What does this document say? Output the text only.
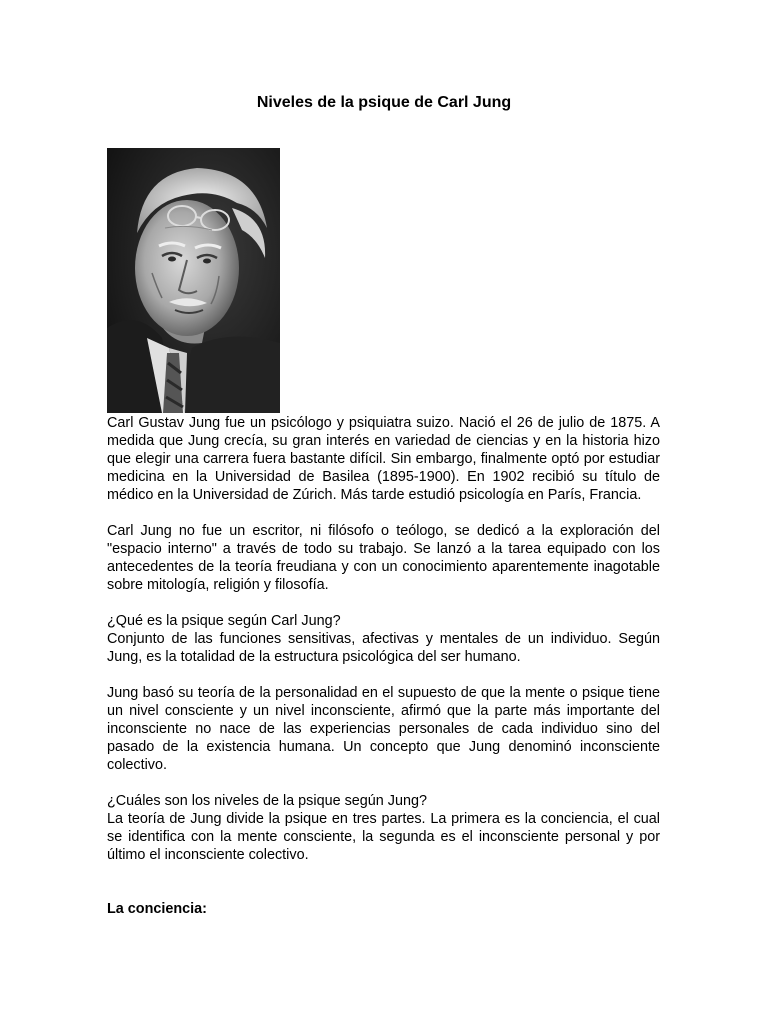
Niveles de la psique de Carl Jung

Carl Gustav Jung fue un psicólogo y psiquiatra suizo. Nació el 26 de julio de 1875. A medida que Jung crecía, su gran interés en variedad de ciencias y en la historia hizo que elegir una carrera fuera bastante difícil. Sin embargo, finalmente optó por estudiar medicina en la Universidad de Basilea (1895-1900). En 1902 recibió su título de médico en la Universidad de Zúrich. Más tarde estudió psicología en París, Francia.

Carl Jung no fue un escritor, ni filósofo o teólogo, se dedicó a la exploración del "espacio interno" a través de todo su trabajo. Se lanzó a la tarea equipado con los antecedentes de la teoría freudiana y con un conocimiento aparentemente inagotable sobre mitología, religión y filosofía.

¿Qué es la psique según Carl Jung?
Conjunto de las funciones sensitivas, afectivas y mentales de un individuo. Según Jung, es la totalidad de la estructura psicológica del ser humano.

Jung basó su teoría de la personalidad en el supuesto de que la mente o psique tiene un nivel consciente y un nivel inconsciente, afirmó que la parte más importante del inconsciente no nace de las experiencias personales de cada individuo sino del pasado de la existencia humana. Un concepto que Jung denominó inconsciente colectivo.

¿Cuáles son los niveles de la psique según Jung?
La teoría de Jung divide la psique en tres partes. La primera es la conciencia, el cual se identifica con la mente consciente, la segunda es el inconsciente personal y por último el inconsciente colectivo.

La conciencia:
